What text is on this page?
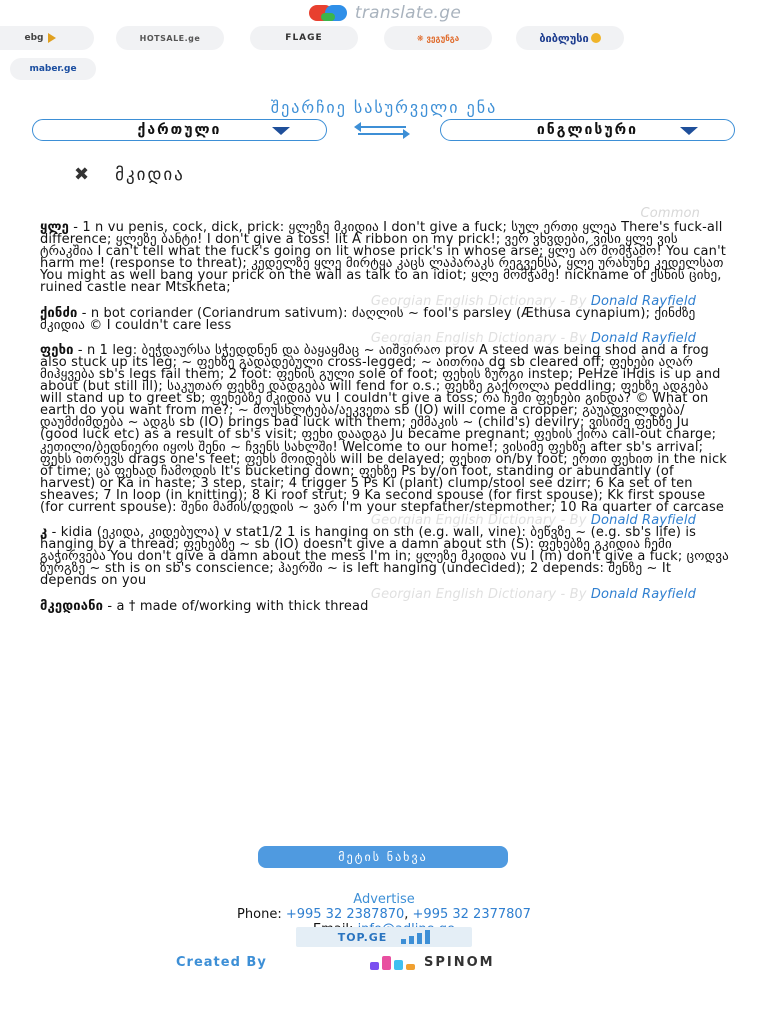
translate.ge
ebg	HOTSALE.ge	FLAGE	❋ ვეგუნგა	ბიბლუსი
maber.ge
შეარჩიე სასურველი ენა
ქართული	ინგლისური
✖ მკიდია
Common

ყლე - 1 n vu penis, cock, dick, prick: ყლეზე მკიდია I don't give a fuck; სულ ერთი ყლეა There's fuck-all difference; ყლეზე ბანტი! I don't give a toss! lit A ribbon on my prick!; ვერ ვხვდები, ვისი ყლე ვის ტრაკშია I can't tell what the fuck's going on lit whose prick's in whose arse; ყლე არ მომჭამო! You can't harm me! (response to threat); კედელზე ყლე მირტყა კაცს ლაპარაკს რეგვენსა, ყლე ურახუნე კედელსათ You might as well bang your prick on the wall as talk to an idiot; ყლე მომჭამე! nickname of ქსნის ციხე, ruined castle near Mtskheta;

Georgian English Dictionary - By Donald Rayfield

ქინძი - n bot coriander (Coriandrum sativum): ძაღლის ~ fool's parsley (Æthusa cynapium); ქინძზე მკიდია © I couldn't care less

Georgian English Dictionary - By Donald Rayfield

ფეხი - n 1 leg: ბეჭდაურსა სჭედდნენ და ბაყაყმაც ~ აიშვირაო prov A steed was being shod and a frog also stuck up its leg; ~ ფეხზე გადადებული cross-legged; ~ აითრია dg sb cleared off; ფეხები აღარ მიჰყვება sb's legs fail them; 2 foot: ფეხის გული sole of foot; ფეხის ზურგი instep; PeHze iHdis is up and about (but still ill); საკუთარ ფეხზე დადგება will fend for o.s.; ფეხზე გაქროლა peddling; ფეხზე ადგება will stand up to greet sb; ფეხებზე მკიდია vu I couldn't give a toss; რა ჩემი ფეხები გინდა? © What on earth do you want from me?; ~ მოუსხლტება/აეკვეთა sb (IO) will come a cropper; გაუადვილდება/დაუმძიმდება ~ ადგს sb (IO) brings bad luck with them; ეშმაკის ~ (child's) devilry; ვისიმე ფეხზე Ju (good luck etc) as a result of sb's visit; ფეხი დაადგა Ju became pregnant; ფეხის ქირა call-out charge; კეთილი/ბედნიერი იყოს შენი ~ ჩვენს სახლში! Welcome to our home!; ვისიმე ფეხზე after sb's arrival; ფეხს ითრევს drags one's feet; ფეხს მოიდებს will be delayed; ფეხით on/by foot; ერთი ფეხით in the nick of time; ცა ფეხად ჩამოდის It's bucketing down; ფეხზე Ps by/on foot, standing or abundantly (of harvest) or Ka in haste; 3 step, stair; 4 trigger 5 Ps Ki (plant) clump/stool see dzirr; 6 Ka set of ten sheaves; 7 In loop (in knitting); 8 Ki roof strut; 9 Ka second spouse (for first spouse); Kk first spouse (for current spouse): შენი მამის/დედის ~ ვარ I'm your stepfather/stepmother; 10 Ra quarter of carcase

Georgian English Dictionary - By Donald Rayfield

კ - kidia (ეკიდა, კიდებულა) v stat1/2 1 is hanging on sth (e.g. wall, vine): ბეწვზე ~ (e.g. sb's life) is hanging by a thread; ფეხებზე ~ sb (IO) doesn't give a damn about sth (S): ფეხებზე გკიდია ჩემი გაჭირვება You don't give a damn about the mess I'm in; ყლეზე მკიდია vu I (m) don't give a fuck; ცოდვა ზურგზე ~ sth is on sb's conscience; ჰაერში ~ is left hanging (undecided); 2 depends: შენზე ~ It depends on you

Georgian English Dictionary - By Donald Rayfield

მკედიანი - a † made of/working with thick thread

მეტის ნახვა
Advertise
Phone: +995 32 2387870, +995 32 2377807
TOP.GE
Created By	SPINOM
